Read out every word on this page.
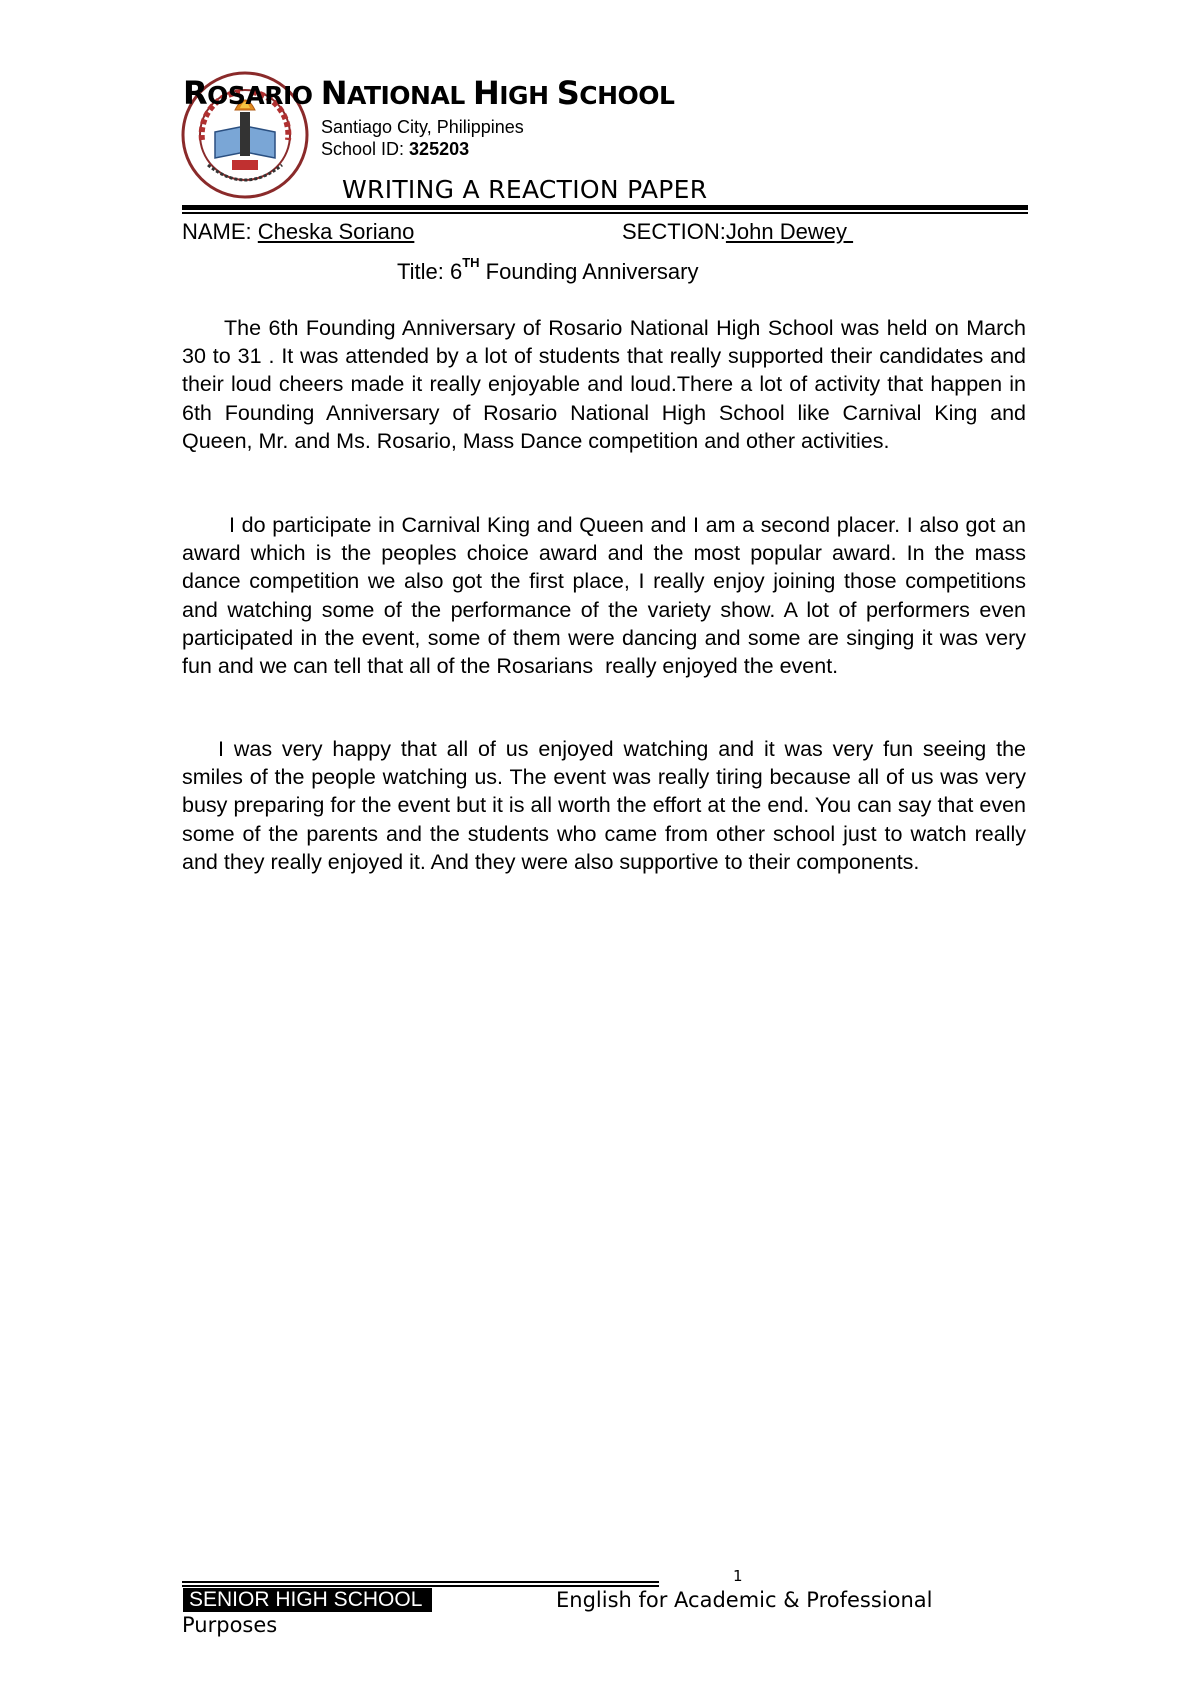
ROSARIO NATIONAL HIGH SCHOOL
Santiago City, Philippines
School ID: 325203
WRITING A REACTION PAPER
NAME: Cheska Soriano	SECTION:John Dewey
Title: 6TH Founding Anniversary

The 6th Founding Anniversary of Rosario National High School was held on March 30 to 31 . It was attended by a lot of students that really supported their candidates and their loud cheers made it really enjoyable and loud.There a lot of activity that happen in 6th Founding Anniversary of Rosario National High School like Carnival King and Queen, Mr. and Ms. Rosario, Mass Dance competition and other activities.

I do participate in Carnival King and Queen and I am a second placer. I also got an award which is the peoples choice award and the most popular award. In the mass dance competition we also got the first place, I really enjoy joining those competitions and watching some of the performance of the variety show. A lot of performers even participated in the event, some of them were dancing and some are singing it was very fun and we can tell that all of the Rosarians  really enjoyed the event.

I was very happy that all of us enjoyed watching and it was very fun seeing the smiles of the people watching us. The event was really tiring because all of us was very busy preparing for the event but it is all worth the effort at the end. You can say that even some of the parents and the students who came from other school just to watch really and they really enjoyed it. And they were also supportive to their components.

1
SENIOR HIGH SCHOOL	English for Academic & Professional
Purposes
